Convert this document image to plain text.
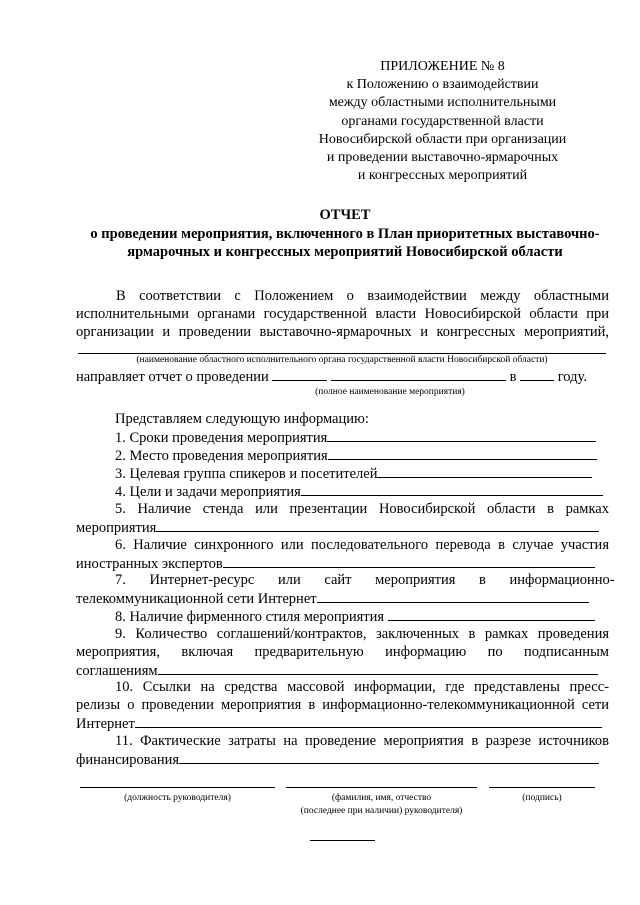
ПРИЛОЖЕНИЕ № 8
к Положению о взаимодействии
между областными исполнительными
органами государственной власти
Новосибирской области при организации
и проведении выставочно-ярмарочных
и конгрессных мероприятий
ОТЧЕТ
о проведении мероприятия, включенного в План приоритетных выставочно-
ярмарочных и конгрессных мероприятий Новосибирской области
В соответствии с Положением о взаимодействии между областными
исполнительными органами государственной власти Новосибирской области при
организации и проведении выставочно-ярмарочных и конгрессных мероприятий,
(наименование областного исполнительного органа государственной власти Новосибирской области)
направляет отчет о проведении	в	году.
(полное наименование мероприятия)
Представляем следующую информацию:
1. Сроки проведения мероприятия
2. Место проведения мероприятия
3. Целевая группа спикеров и посетителей
4. Цели и задачи мероприятия
5. Наличие стенда или презентации Новосибирской области в рамках
мероприятия
6. Наличие синхронного или последовательного перевода в случае участия
иностранных экспертов
7. Интернет-ресурс или сайт мероприятия в информационно-
телекоммуникационной сети Интернет
8. Наличие фирменного стиля мероприятия
9. Количество соглашений/контрактов, заключенных в рамках проведения
мероприятия, включая предварительную информацию по подписанным
соглашениям
10. Ссылки на средства массовой информации, где представлены пресс-
релизы о проведении мероприятия в информационно-телекоммуникационной сети
Интернет
11. Фактические затраты на проведение мероприятия в разрезе источников
финансирования
(должность руководителя)	(фамилия, имя, отчество
(последнее при наличии) руководителя)
(подпись)
